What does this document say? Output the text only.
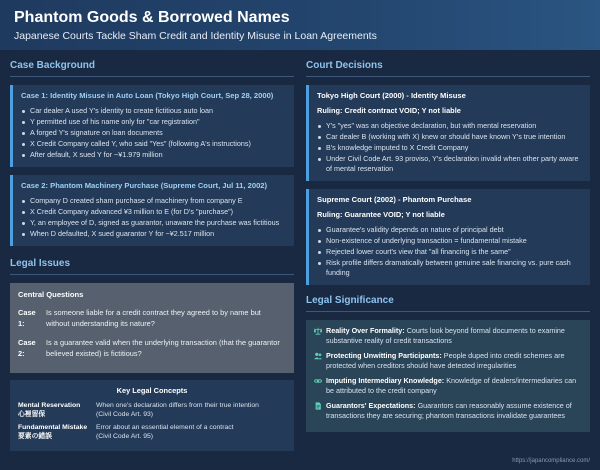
Phantom Goods & Borrowed Names
Japanese Courts Tackle Sham Credit and Identity Misuse in Loan Agreements
Case Background
Case 1: Identity Misuse in Auto Loan (Tokyo High Court, Sep 28, 2000)
Car dealer A used Y's identity to create fictitious auto loan
Y permitted use of his name only for "car registration"
A forged Y's signature on loan documents
X Credit Company called Y, who said "Yes" (following A's instructions)
After default, X sued Y for ~¥1.979 million
Case 2: Phantom Machinery Purchase (Supreme Court, Jul 11, 2002)
Company D created sham purchase of machinery from company E
X Credit Company advanced ¥3 million to E (for D's "purchase")
Y, an employee of D, signed as guarantor, unaware the purchase was fictitious
When D defaulted, X sued guarantor Y for ~¥2.517 million
Legal Issues
Central Questions
Case 1:
Is someone liable for a credit contract they agreed to by name but without understanding its nature?
Case 2:
Is a guarantee valid when the underlying transaction (that the guarantor believed existed) is fictitious?
Key Legal Concepts
Mental Reservation
心裡留保
When one's declaration differs from their true intention
(Civil Code Art. 93)
Fundamental Mistake
要素の錯誤
Error about an essential element of a contract
(Civil Code Art. 95)
Court Decisions
Tokyo High Court (2000) - Identity Misuse
Ruling: Credit contract VOID; Y not liable
Y's "yes" was an objective declaration, but with mental reservation
Car dealer B (working with X) knew or should have known Y's true intention
B's knowledge imputed to X Credit Company
Under Civil Code Art. 93 proviso, Y's declaration invalid when other party aware of mental reservation
Supreme Court (2002) - Phantom Purchase
Ruling: Guarantee VOID; Y not liable
Guarantee's validity depends on nature of principal debt
Non-existence of underlying transaction = fundamental mistake
Rejected lower court's view that "all financing is the same"
Risk profile differs dramatically between genuine sale financing vs. pure cash funding
Legal Significance
Reality Over Formality: Courts look beyond formal documents to examine substantive reality of credit transactions
Protecting Unwitting Participants: People duped into credit schemes are protected when creditors should have detected irregularities
Imputing Intermediary Knowledge: Knowledge of dealers/intermediaries can be attributed to the credit company
Guarantors' Expectations: Guarantors can reasonably assume existence of transactions they are securing; phantom transactions invalidate guarantees
https://japancompliance.com/
